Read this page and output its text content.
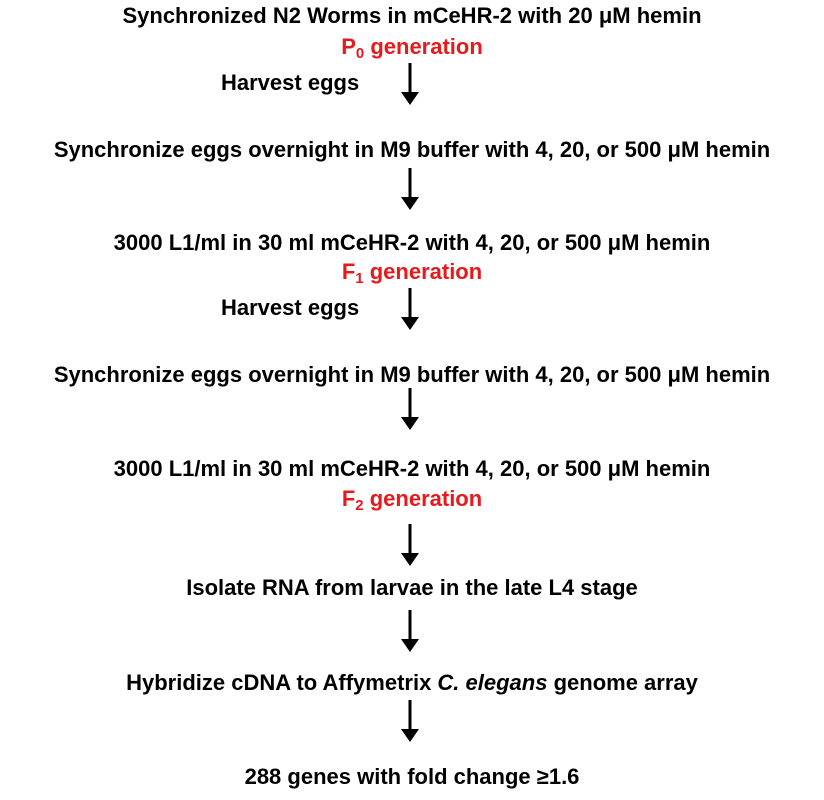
Synchronized N2 Worms in mCeHR-2 with 20 μM hemin
$P_0$ generation
Harvest eggs
Synchronize eggs overnight in M9 buffer with 4, 20, or 500 μM hemin
3000 L1/ml in 30 ml mCeHR-2 with 4, 20, or 500 μM hemin
$F_1$ generation
Harvest eggs
Synchronize eggs overnight in M9 buffer with 4, 20, or 500 μM hemin
3000 L1/ml in 30 ml mCeHR-2 with 4, 20, or 500 μM hemin
$F_2$ generation
Isolate RNA from larvae in the late L4 stage
Hybridize cDNA to Affymetrix C. elegans genome array
288 genes with fold change ≥1.6
